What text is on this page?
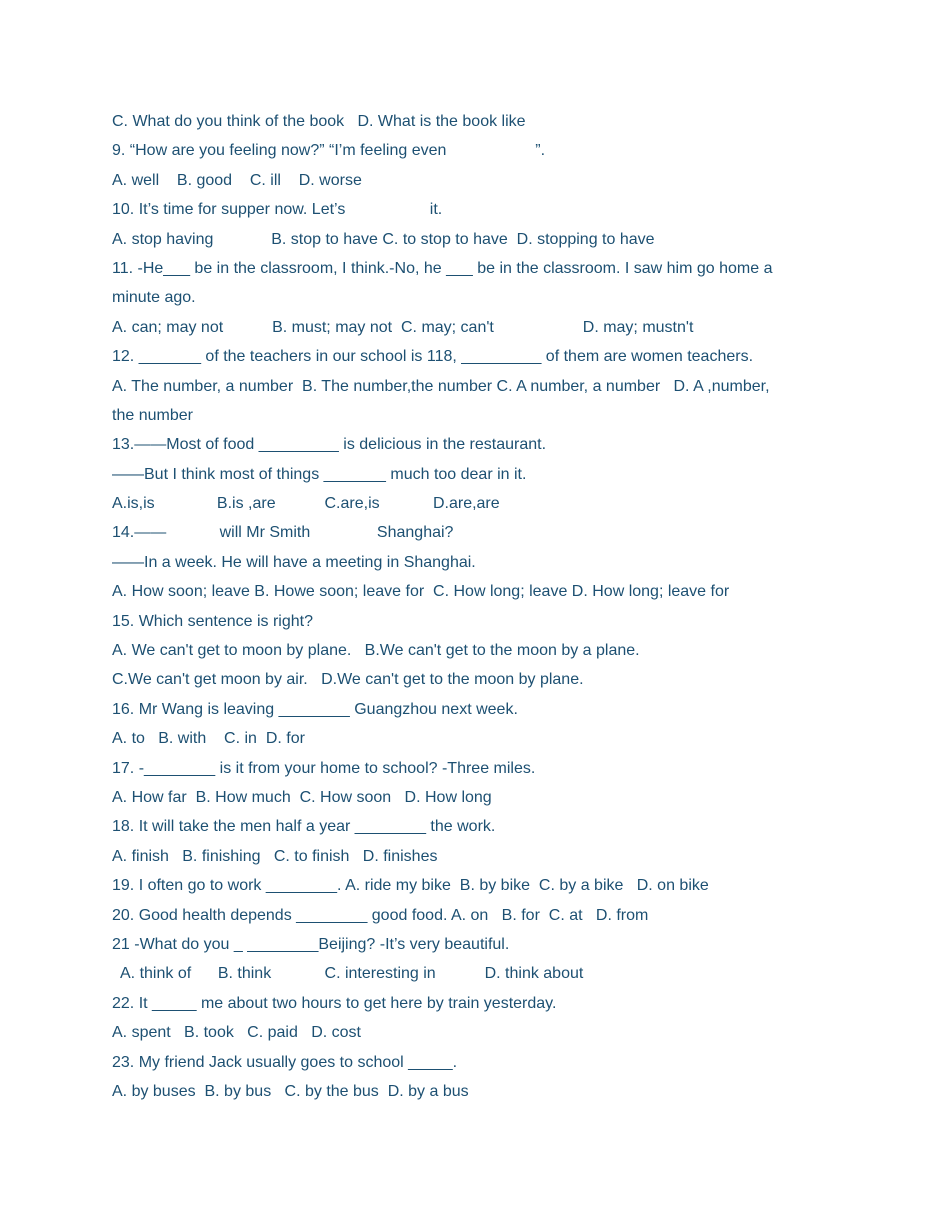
C. What do you think of the book   D. What is the book like
9. “How are you feeling now?” “I’m feeling even                    ”.
A. well    B. good    C. ill    D. worse
10. It’s time for supper now. Let’s                   it.
A. stop having             B. stop to have C. to stop to have  D. stopping to have
11. -He___ be in the classroom, I think.-No, he ___ be in the classroom. I saw him go home a
minute ago.
A. can; may not           B. must; may not  C. may; can't                    D. may; mustn't
12. _______ of the teachers in our school is 118, _________ of them are women teachers.
A. The number, a number  B. The number,the number C. A number, a number   D. A ,number,
the number
13.——Most of food _________ is delicious in the restaurant.
——But I think most of things _______ much too dear in it.
A.is,is              B.is ,are           C.are,is            D.are,are
14.——            will Mr Smith               Shanghai?
——In a week. He will have a meeting in Shanghai.
A. How soon; leave B. Howe soon; leave for  C. How long; leave D. How long; leave for
15. Which sentence is right?
A. We can't get to moon by plane.   B.We can't get to the moon by a plane.
C.We can't get moon by air.   D.We can't get to the moon by plane.
16. Mr Wang is leaving ________ Guangzhou next week.
A. to   B. with    C. in  D. for
17. -________ is it from your home to school? -Three miles.
A. How far  B. How much  C. How soon   D. How long
18. It will take the men half a year ________ the work.
A. finish   B. finishing   C. to finish   D. finishes
19. I often go to work ________. A. ride my bike  B. by bike  C. by a bike   D. on bike
20. Good health depends ________ good food. A. on   B. for  C. at   D. from
21 -What do you _ ________Beijing? -It’s very beautiful.
A. think of      B. think            C. interesting in           D. think about
22. It _____ me about two hours to get here by train yesterday.
A. spent   B. took   C. paid   D. cost
23. My friend Jack usually goes to school _____.
A. by buses  B. by bus   C. by the bus  D. by a bus
